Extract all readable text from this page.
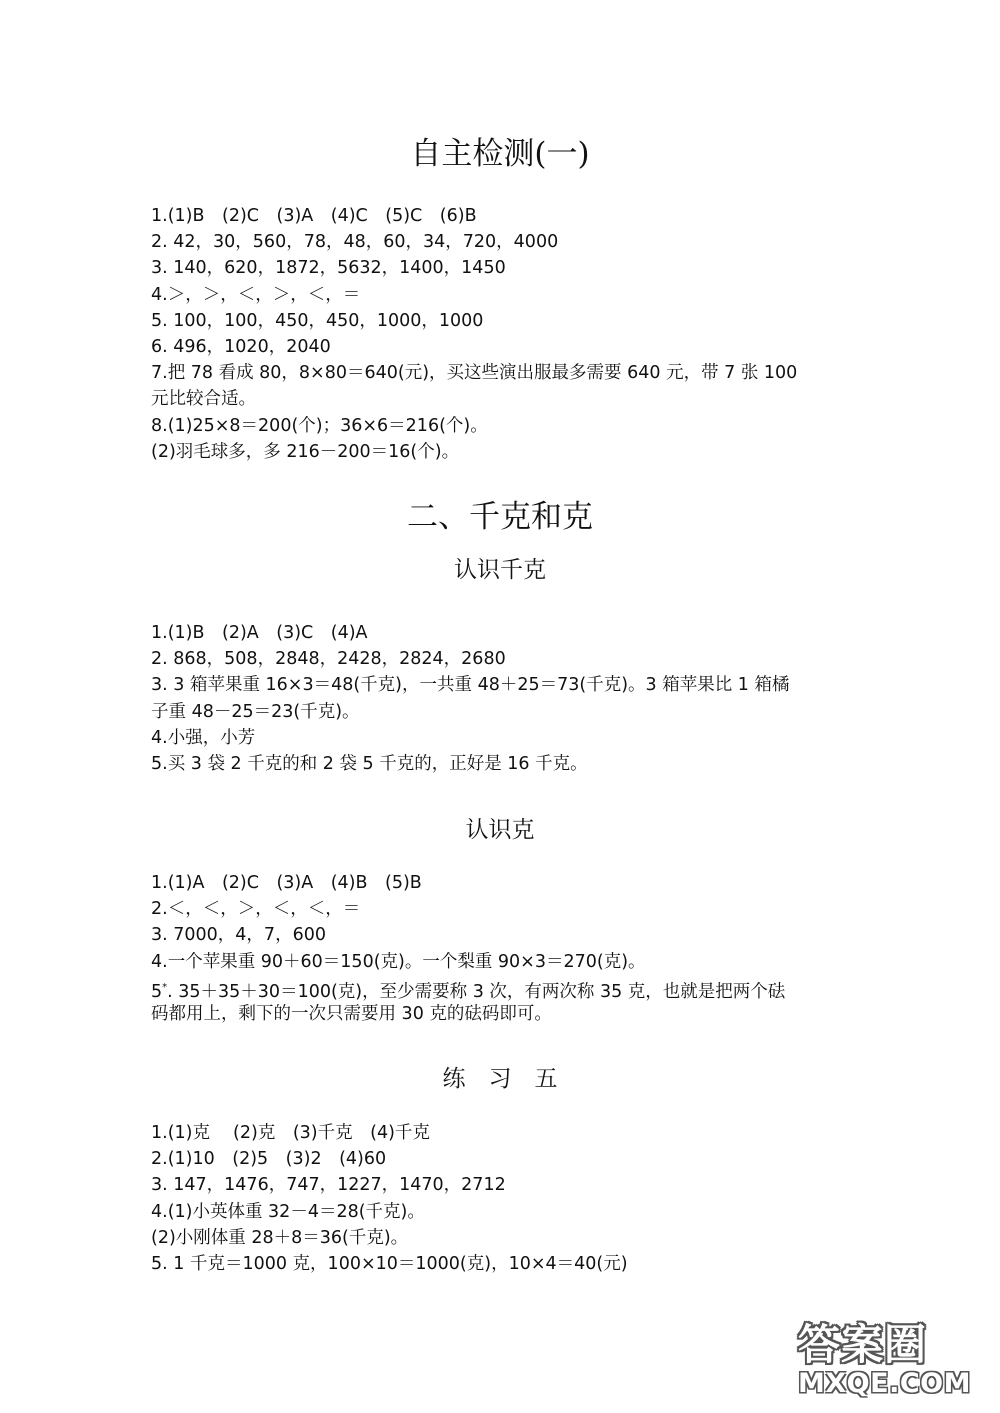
自主检测(一)

1.(1)B　(2)C　(3)A　(4)C　(5)C　(6)B

2. 42，30，560，78，48，60，34，720，4000

3. 140，620，1872，5632，1400，1450

4.＞，＞，＜，＞，＜，＝

5. 100，100，450，450，1000，1000

6. 496，1020，2040

7.把 78 看成 80，8×80＝640(元)，买这些演出服最多需要 640 元，带 7 张 100

元比较合适。

8.(1)25×8＝200(个)；36×6＝216(个)。

(2)羽毛球多，多 216－200＝16(个)。

二、千克和克
认识千克

1.(1)B　(2)A　(3)C　(4)A

2. 868，508，2848，2428，2824，2680

3. 3 箱苹果重 16×3＝48(千克)，一共重 48＋25＝73(千克)。3 箱苹果比 1 箱橘

子重 48－25＝23(千克)。

4.小强，小芳

5.买 3 袋 2 千克的和 2 袋 5 千克的，正好是 16 千克。

认识克

1.(1)A　(2)C　(3)A　(4)B　(5)B

2.＜，＜，＞，＜，＜，＝

3. 7000，4，7，600

4.一个苹果重 90＋60＝150(克)。一个梨重 90×3＝270(克)。

5*. 35＋35＋30＝100(克)，至少需要称 3 次，有两次称 35 克，也就是把两个砝

码都用上，剩下的一次只需要用 30 克的砝码即可。

练　习　五

1.(1)克　 (2)克　(3)千克　(4)千克

2.(1)10　(2)5　(3)2　(4)60

3. 147，1476，747，1227，1470，2712

4.(1)小英体重 32－4＝28(千克)。

(2)小刚体重 28＋8＝36(千克)。

5. 1 千克＝1000 克，100×10＝1000(克)，10×4＝40(元)

答案圈
MXQE.COM
